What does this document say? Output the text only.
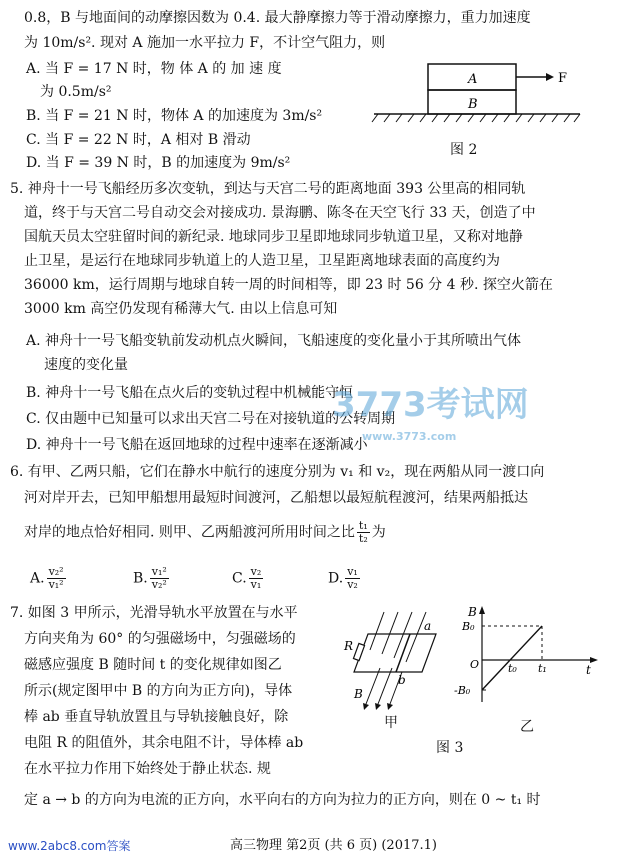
0.8，B 与地面间的动摩擦因数为 0.4. 最大静摩擦力等于滑动摩擦力，重力加速度
为 10m/s². 现对 A 施加一水平拉力 F，不计空气阻力，则
A. 当 F = 17 N 时，物 体 A 的 加 速 度
为 0.5m/s²
B. 当 F = 21 N 时，物体 A 的加速度为 3m/s²
C. 当 F = 22 N 时，A 相对 B 滑动
D. 当 F = 39 N 时，B 的加速度为 9m/s²
A
B
F
图 2
5. 神舟十一号飞船经历多次变轨，到达与天宫二号的距离地面 393 公里高的相同轨
道，终于与天宫二号自动交会对接成功. 景海鹏、陈冬在天空飞行 33 天，创造了中
国航天员太空驻留时间的新纪录. 地球同步卫星即地球同步轨道卫星，又称对地静
止卫星，是运行在地球同步轨道上的人造卫星，卫星距离地球表面的高度约为
36000 km，运行周期与地球自转一周的时间相等，即 23 时 56 分 4 秒. 探空火箭在
3000 km 高空仍发现有稀薄大气. 由以上信息可知
A. 神舟十一号飞船变轨前发动机点火瞬间，飞船速度的变化量小于其所喷出气体
速度的变化量
B. 神舟十一号飞船在点火后的变轨过程中机械能守恒
C. 仅由题中已知量可以求出天宫二号在对接轨道的公转周期
D. 神舟十一号飞船在返回地球的过程中速率在逐渐减小
3773考试网
www.3773.com
6. 有甲、乙两只船，它们在静水中航行的速度分别为 v₁ 和 v₂，现在两船从同一渡口向
河对岸开去，已知甲船想用最短时间渡河，乙船想以最短航程渡河，结果两船抵达
对岸的地点恰好相同. 则甲、乙两船渡河所用时间之比 $\frac{\text{t₁}}{\text{t₂}}$ 为
A. $\frac{\text{v₂²}}{\text{v₁²}}$	B. $\frac{\text{v₁²}}{\text{v₂²}}$	C. $\frac{\text{v₂}}{\text{v₁}}$	D. $\frac{\text{v₁}}{\text{v₂}}$
7. 如图 3 甲所示，光滑导轨水平放置在与水平
方向夹角为 60° 的匀强磁场中，匀强磁场的
磁感应强度 B 随时间 t 的变化规律如图乙
所示(规定图甲中 B 的方向为正方向)，导体
棒 ab 垂直导轨放置且与导轨接触良好，除
电阻 R 的阻值外，其余电阻不计，导体棒 ab
在水平拉力作用下始终处于静止状态. 规
定 a → b 的方向为电流的正方向，水平向右的方向为拉力的正方向，则在 0 ~ t₁ 时
R
a
b
B
甲
B
B₀
O	t₀ t₁	t
-B₀
乙
图 3
www.2abc8.com答案	高三物理 第2页 (共 6 页) (2017.1)
